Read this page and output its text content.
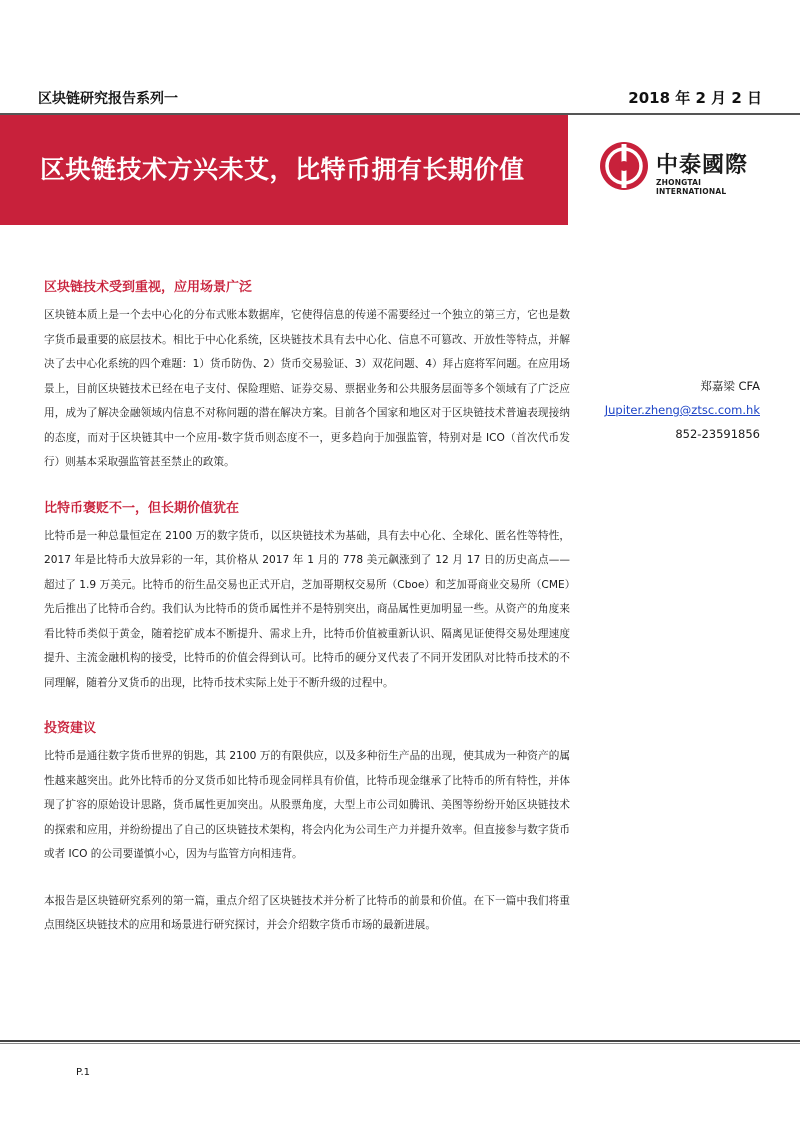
区块链研究报告系列一	2018 年 2 月 2 日
区块链技术方兴未艾，比特币拥有长期价值	中泰國際
ZHONGTAI INTERNATIONAL
区块链技术受到重视，应用场景广泛
区块链本质上是一个去中心化的分布式账本数据库，它使得信息的传递不需要经过一个独立的第三方，它也是数字货币最重要的底层技术。相比于中心化系统，区块链技术具有去中心化、信息不可篡改、开放性等特点，并解决了去中心化系统的四个难题：1）货币防伪、2）货币交易验证、3）双花问题、4）拜占庭将军问题。在应用场景上，目前区块链技术已经在电子支付、保险理赔、证券交易、票据业务和公共服务层面等多个领域有了广泛应用，成为了解决金融领域内信息不对称问题的潜在解决方案。目前各个国家和地区对于区块链技术普遍表现接纳的态度，而对于区块链其中一个应用-数字货币则态度不一，更多趋向于加强监管，特别对是 ICO（首次代币发行）则基本采取强监管甚至禁止的政策。
比特币褒贬不一，但长期价值犹在
比特币是一种总量恒定在 2100 万的数字货币，以区块链技术为基础，具有去中心化、全球化、匿名性等特性，2017 年是比特币大放异彩的一年，其价格从 2017 年 1 月的 778 美元飙涨到了 12 月 17 日的历史高点——超过了 1.9 万美元。比特币的衍生品交易也正式开启，芝加哥期权交易所（Cboe）和芝加哥商业交易所（CME）先后推出了比特币合约。我们认为比特币的货币属性并不是特别突出，商品属性更加明显一些。从资产的角度来看比特币类似于黄金，随着挖矿成本不断提升、需求上升，比特币价值被重新认识、隔离见证使得交易处理速度提升、主流金融机构的接受，比特币的价值会得到认可。比特币的硬分叉代表了不同开发团队对比特币技术的不同理解，随着分叉货币的出现，比特币技术实际上处于不断升级的过程中。
投资建议
比特币是通往数字货币世界的钥匙，其 2100 万的有限供应，以及多种衍生产品的出现，使其成为一种资产的属性越来越突出。此外比特币的分叉货币如比特币现金同样具有价值，比特币现金继承了比特币的所有特性，并体现了扩容的原始设计思路，货币属性更加突出。从股票角度，大型上市公司如腾讯、美图等纷纷开始区块链技术的探索和应用，并纷纷提出了自己的区块链技术架构，将会内化为公司生产力并提升效率。但直接参与数字货币或者 ICO 的公司要谨慎小心，因为与监管方向相违背。
本报告是区块链研究系列的第一篇，重点介绍了区块链技术并分析了比特币的前景和价值。在下一篇中我们将重点围绕区块链技术的应用和场景进行研究探讨，并会介绍数字货币市场的最新进展。
郑嘉梁 CFA
Jupiter.zheng@ztsc.com.hk
852-23591856
P.1
